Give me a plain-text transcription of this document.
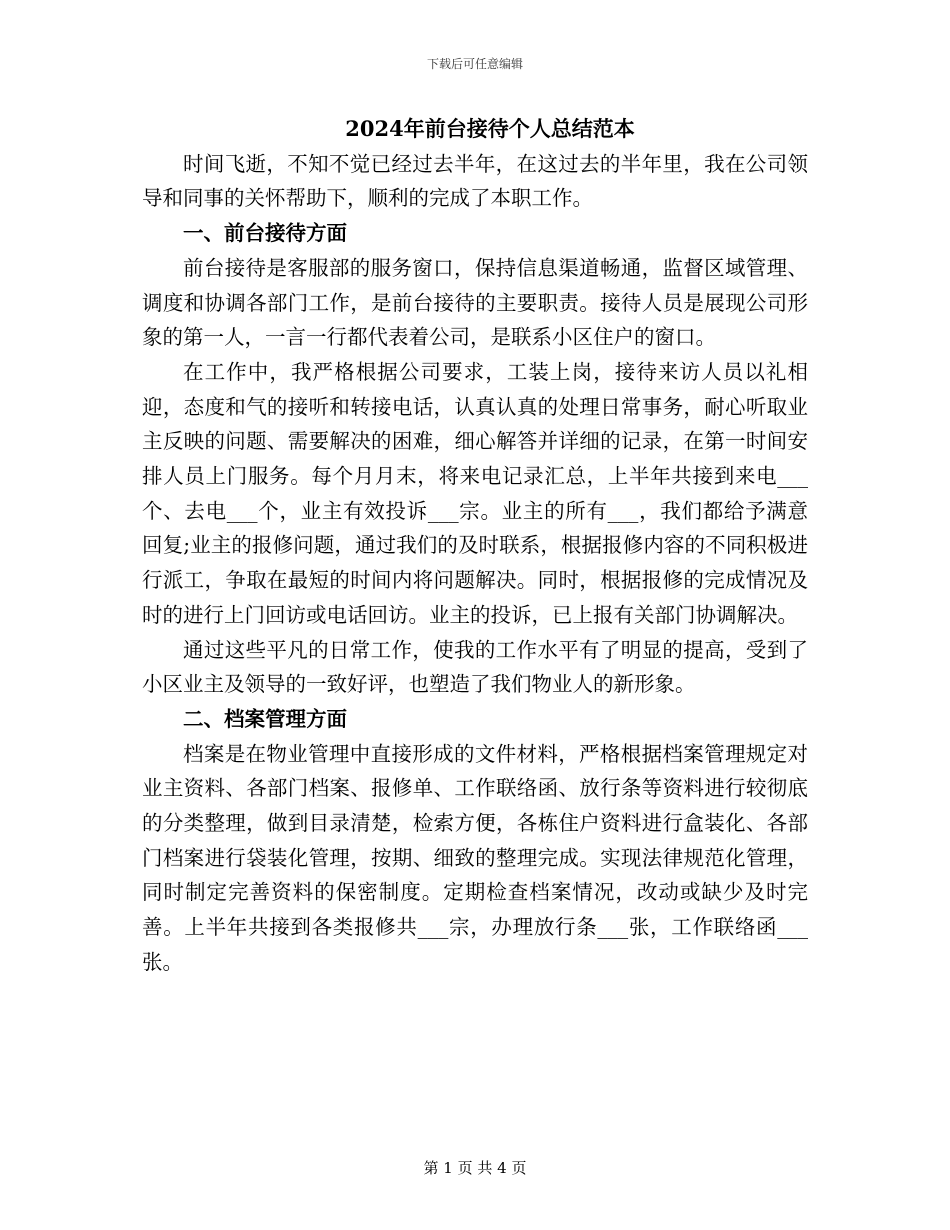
下载后可任意编辑
2024年前台接待个人总结范本

时间飞逝，不知不觉已经过去半年，在这过去的半年里，我在公司领导和同事的关怀帮助下，顺利的完成了本职工作。

一、前台接待方面

前台接待是客服部的服务窗口，保持信息渠道畅通，监督区域管理、调度和协调各部门工作，是前台接待的主要职责。接待人员是展现公司形象的第一人，一言一行都代表着公司，是联系小区住户的窗口。

在工作中，我严格根据公司要求，工装上岗，接待来访人员以礼相迎，态度和气的接听和转接电话，认真认真的处理日常事务，耐心听取业主反映的问题、需要解决的困难，细心解答并详细的记录，在第一时间安排人员上门服务。每个月月末，将来电记录汇总，上半年共接到来电___个、去电___个，业主有效投诉___宗。业主的所有___，我们都给予满意回复;业主的报修问题，通过我们的及时联系，根据报修内容的不同积极进行派工，争取在最短的时间内将问题解决。同时，根据报修的完成情况及时的进行上门回访或电话回访。业主的投诉，已上报有关部门协调解决。

通过这些平凡的日常工作，使我的工作水平有了明显的提高，受到了小区业主及领导的一致好评，也塑造了我们物业人的新形象。

二、档案管理方面

档案是在物业管理中直接形成的文件材料，严格根据档案管理规定对业主资料、各部门档案、报修单、工作联络函、放行条等资料进行较彻底的分类整理，做到目录清楚，检索方便，各栋住户资料进行盒装化、各部门档案进行袋装化管理，按期、细致的整理完成。实现法律规范化管理，同时制定完善资料的保密制度。定期检查档案情况，改动或缺少及时完善。上半年共接到各类报修共___宗，办理放行条___张，工作联络函___张。

第 1 页 共 4 页
